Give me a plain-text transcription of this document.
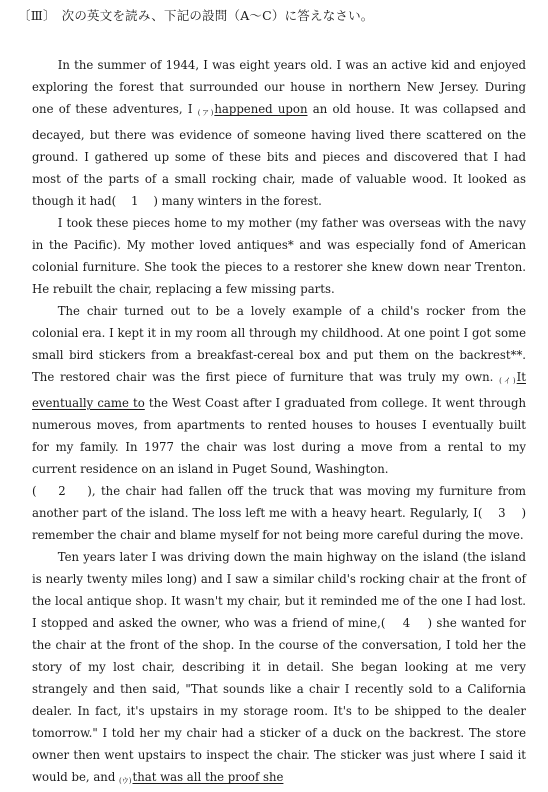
〔Ⅲ〕 次の英文を読み、下記の設問（A～C）に答えなさい。

In the summer of 1944, I was eight years old. I was an active kid and enjoyed exploring the forest that surrounded our house in northern New Jersey. During one of these adventures, I (ア)happened upon an old house. It was collapsed and decayed, but there was evidence of someone having lived there scattered on the ground. I gathered up some of these bits and pieces and discovered that I had most of the parts of a small rocking chair, made of valuable wood. It looked as though it had(    1    ) many winters in the forest.

I took these pieces home to my mother (my father was overseas with the navy in the Pacific). My mother loved antiques* and was especially fond of American colonial furniture. She took the pieces to a restorer she knew down near Trenton. He rebuilt the chair, replacing a few missing parts.

The chair turned out to be a lovely example of a child's rocker from the colonial era. I kept it in my room all through my childhood. At one point I got some small bird stickers from a breakfast-cereal box and put them on the backrest**. The restored chair was the first piece of furniture that was truly my own. (イ)It eventually came to the West Coast after I graduated from college. It went through numerous moves, from apartments to rented houses to houses I eventually built for my family. In 1977 the chair was lost during a move from a rental to my current residence on an island in Puget Sound, Washington.

(    2    ), the chair had fallen off the truck that was moving my furniture from another part of the island. The loss left me with a heavy heart. Regularly, I(    3    ) remember the chair and blame myself for not being more careful during the move.

Ten years later I was driving down the main highway on the island (the island is nearly twenty miles long) and I saw a similar child's rocking chair at the front of the local antique shop. It wasn't my chair, but it reminded me of the one I had lost. I stopped and asked the owner, who was a friend of mine,(    4    ) she wanted for the chair at the front of the shop. In the course of the conversation, I told her the story of my lost chair, describing it in detail. She began looking at me very strangely and then said, "That sounds like a chair I recently sold to a California dealer. In fact, it's upstairs in my storage room. It's to be shipped to the dealer tomorrow." I told her my chair had a sticker of a duck on the backrest. The store owner then went upstairs to inspect the chair. The sticker was just where I said it would be, and (ウ)that was all the proof she
